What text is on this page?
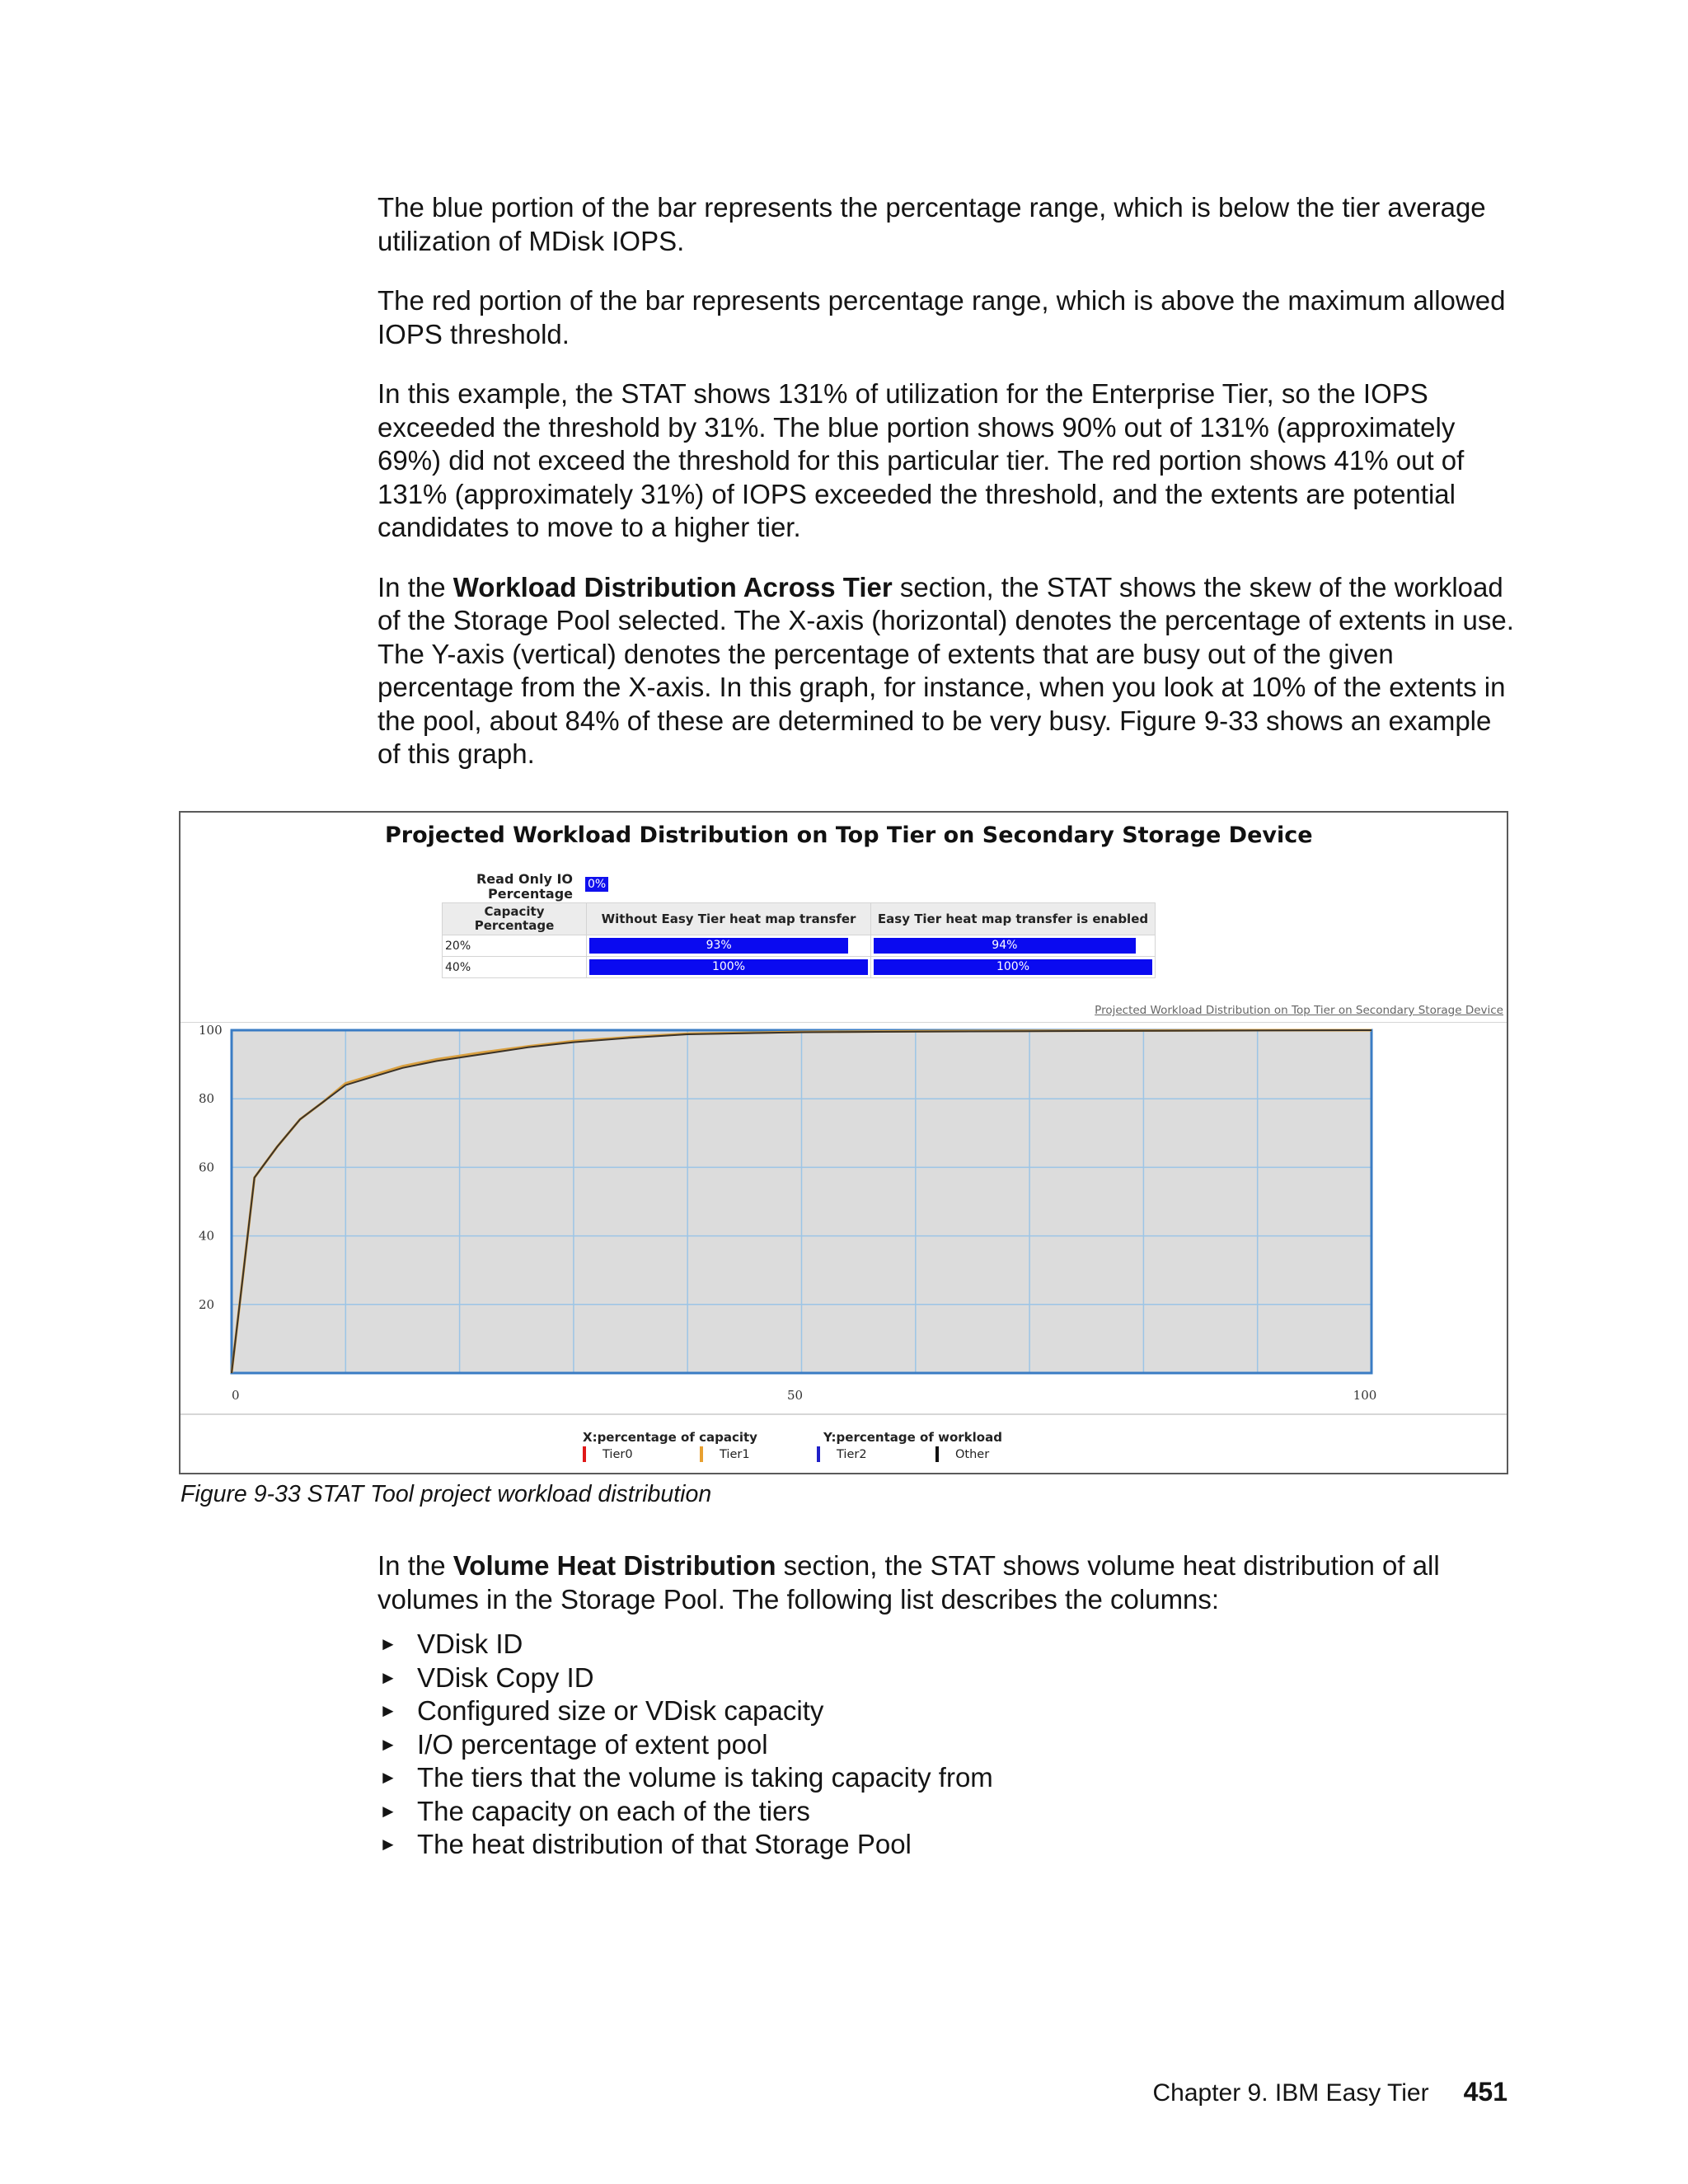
The blue portion of the bar represents the percentage range, which is below the tier average utilization of MDisk IOPS.

The red portion of the bar represents percentage range, which is above the maximum allowed IOPS threshold.

In this example, the STAT shows 131% of utilization for the Enterprise Tier, so the IOPS exceeded the threshold by 31%. The blue portion shows 90% out of 131% (approximately 69%) did not exceed the threshold for this particular tier. The red portion shows 41% out of 131% (approximately 31%) of IOPS exceeded the threshold, and the extents are potential candidates to move to a higher tier.

In the Workload Distribution Across Tier section, the STAT shows the skew of the workload of the Storage Pool selected. The X-axis (horizontal) denotes the percentage of extents in use. The Y-axis (vertical) denotes the percentage of extents that are busy out of the given percentage from the X-axis. In this graph, for instance, when you look at 10% of the extents in the pool, about 84% of these are determined to be very busy. Figure 9-33 shows an example of this graph.

Projected Workload Distribution on Top Tier on Secondary Storage Device
Read Only IO Percentage
0%
Capacity Percentage	Without Easy Tier heat map transfer	Easy Tier heat map transfer is enabled
20%	93%	94%

40%	100%	100%
Projected Workload Distribution on Top Tier on Secondary Storage Device
20
40
60
80
100
0	50	100
X:percentage of capacity	Y:percentage of workload
Tier0	Tier1	Tier2	Other
Figure 9-33 STAT Tool project workload distribution

In the Volume Heat Distribution section, the STAT shows volume heat distribution of all volumes in the Storage Pool. The following list describes the columns:

► VDisk ID
► VDisk Copy ID
► Configured size or VDisk capacity
► I/O percentage of extent pool
► The tiers that the volume is taking capacity from
► The capacity on each of the tiers
► The heat distribution of that Storage Pool
Chapter 9. IBM Easy Tier 451
